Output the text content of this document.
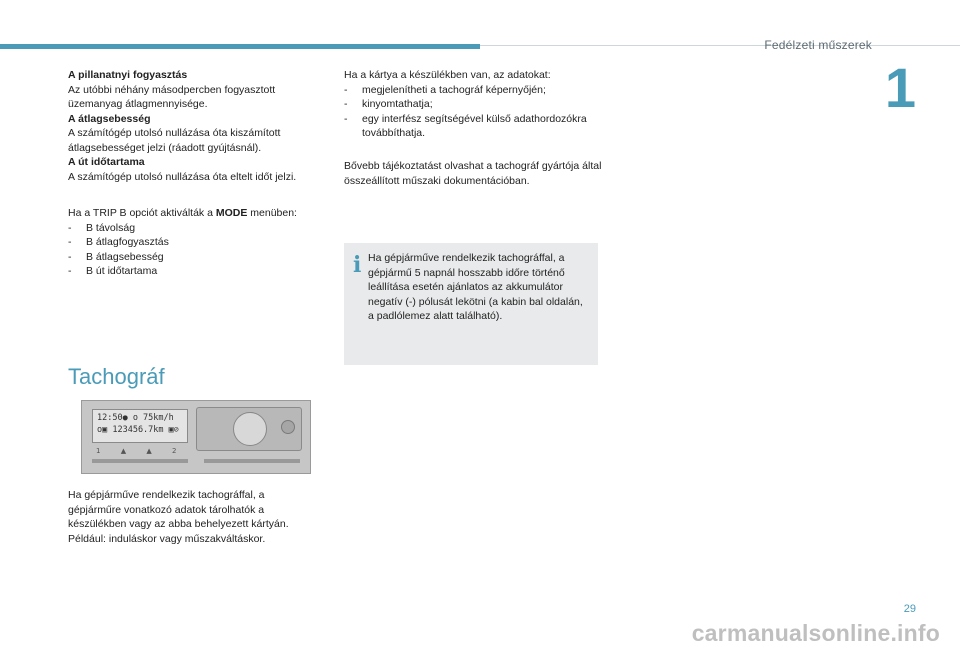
Fedélzeti műszerek
1

A pillanatnyi fogyasztás

Az utóbbi néhány másodpercben fogyasztott üzemanyag átlagmennyisége.

A átlagsebesség

A számítógép utolsó nullázása óta kiszámított átlagsebességet jelzi (ráadott gyújtásnál).

A út időtartama

A számítógép utolsó nullázása óta eltelt időt jelzi.

Ha a TRIP B opciót aktiválták a MODE menüben:

- B távolság
- B átlagfogyasztás
- B átlagsebesség
- B út időtartama

Ha a kártya a készülékben van, az adatokat:

- megjelenítheti a tachográf képernyőjén;
- kinyomtathatja;
- egy interfész segítségével külső adathordozókra továbbíthatja.

Bővebb tájékoztatást olvashat a tachográf gyártója által összeállított műszaki dokumentációban.

i Ha gépjárműve rendelkezik tachográffal, a gépjármű 5 napnál hosszabb időre történő leállítása esetén ajánlatos az akkumulátor negatív (-) pólusát lekötni (a kabin bal oldalán, a padlólemez alatt található).
Tachográf
12:50● o 75km/h
o▣ 123456.7km ▣⊘
1	▲	▲	2

Ha gépjárműve rendelkezik tachográffal, a gépjárműre vonatkozó adatok tárolhatók a készülékben vagy az abba behelyezett kártyán. Például: induláskor vagy műszakváltáskor.

29
carmanualsonline.info
